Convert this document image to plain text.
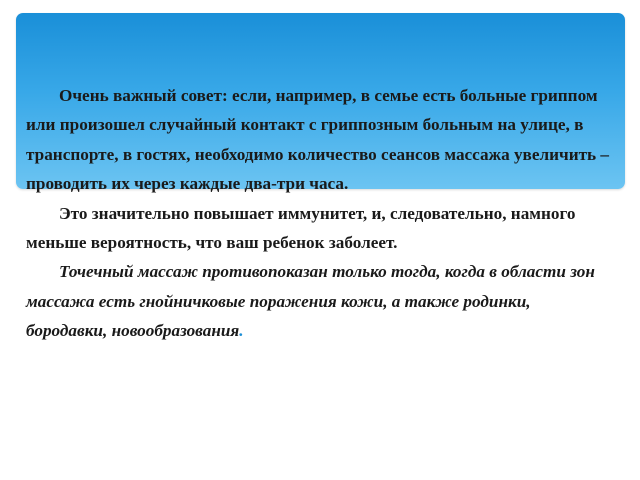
Очень важный совет: если, например, в семье есть больные гриппом или произошел случайный контакт с гриппозным больным на улице, в транспорте, в гостях, необходимо количество сеансов массажа увеличить – проводить их через каждые два-три часа.

Это значительно повышает иммунитет, и, следовательно, намного меньше вероятность, что ваш ребенок заболеет.

Точечный массаж противопоказан только тогда, когда в области зон массажа есть гнойничковые поражения кожи, а также родинки, бородавки, новообразования.
